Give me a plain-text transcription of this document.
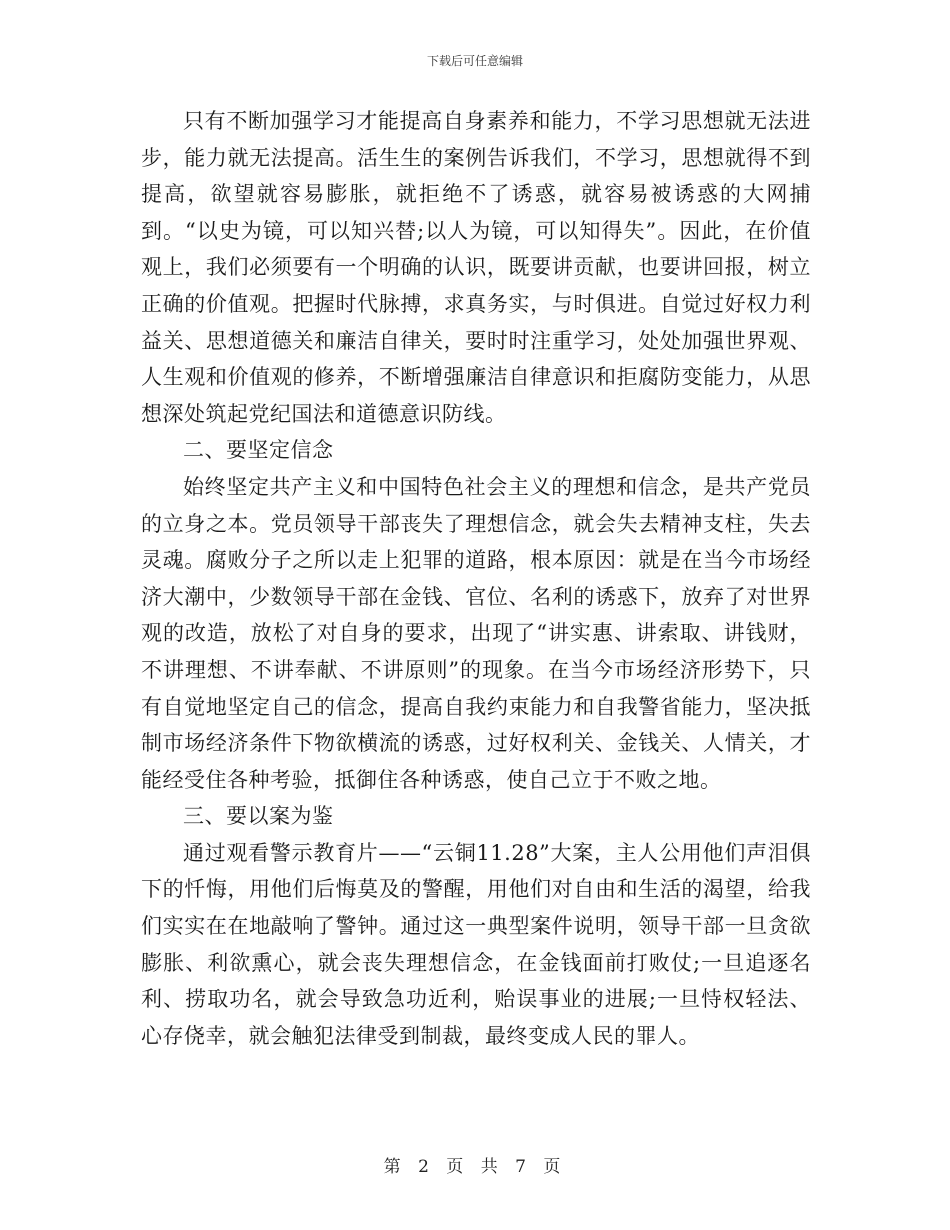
下载后可任意编辑

只有不断加强学习才能提高自身素养和能力，不学习思想就无法进步，能力就无法提高。活生生的案例告诉我们，不学习，思想就得不到提高，欲望就容易膨胀，就拒绝不了诱惑，就容易被诱惑的大网捕到。“以史为镜，可以知兴替;以人为镜，可以知得失”。因此，在价值观上，我们必须要有一个明确的认识，既要讲贡献，也要讲回报，树立正确的价值观。把握时代脉搏，求真务实，与时俱进。自觉过好权力利益关、思想道德关和廉洁自律关，要时时注重学习，处处加强世界观、人生观和价值观的修养，不断增强廉洁自律意识和拒腐防变能力，从思想深处筑起党纪国法和道德意识防线。

二、要坚定信念

始终坚定共产主义和中国特色社会主义的理想和信念，是共产党员的立身之本。党员领导干部丧失了理想信念，就会失去精神支柱，失去灵魂。腐败分子之所以走上犯罪的道路，根本原因：就是在当今市场经济大潮中，少数领导干部在金钱、官位、名利的诱惑下，放弃了对世界观的改造，放松了对自身的要求，出现了“讲实惠、讲索取、讲钱财，不讲理想、不讲奉献、不讲原则”的现象。在当今市场经济形势下，只有自觉地坚定自己的信念，提高自我约束能力和自我警省能力，坚决抵制市场经济条件下物欲横流的诱惑，过好权利关、金钱关、人情关，才能经受住各种考验，抵御住各种诱惑，使自己立于不败之地。

三、要以案为鉴

通过观看警示教育片——“云铜11.28”大案，主人公用他们声泪俱下的忏悔，用他们后悔莫及的警醒，用他们对自由和生活的渴望，给我们实实在在地敲响了警钟。通过这一典型案件说明，领导干部一旦贪欲膨胀、利欲熏心，就会丧失理想信念，在金钱面前打败仗;一旦追逐名利、捞取功名，就会导致急功近利，贻误事业的进展;一旦恃权轻法、心存侥幸，就会触犯法律受到制裁，最终变成人民的罪人。

第 2 页 共 7 页
